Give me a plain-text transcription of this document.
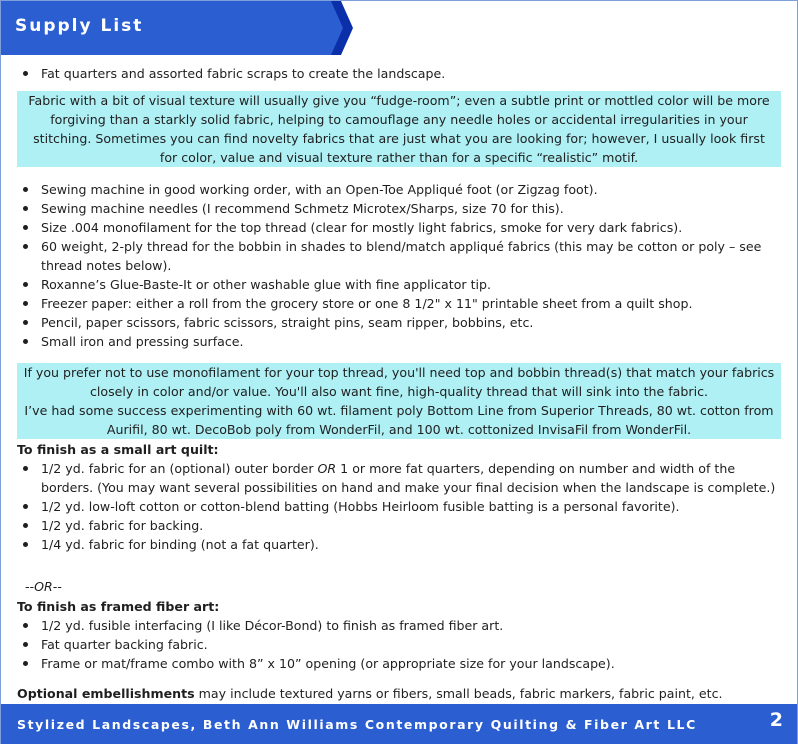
Supply List
Fat quarters and assorted fabric scraps to create the landscape.
Fabric with a bit of visual texture will usually give you “fudge-room”; even a subtle print or mottled color will be more forgiving than a starkly solid fabric, helping to camouflage any needle holes or accidental irregularities in your stitching. Sometimes you can find novelty fabrics that are just what you are looking for; however, I usually look first for color, value and visual texture rather than for a specific “realistic” motif.
Sewing machine in good working order, with an Open-Toe Appliqué foot (or Zigzag foot).
Sewing machine needles (I recommend Schmetz Microtex/Sharps, size 70 for this).
Size .004 monofilament for the top thread (clear for mostly light fabrics, smoke for very dark fabrics).
60 weight, 2-ply thread for the bobbin in shades to blend/match appliqué fabrics (this may be cotton or poly – see thread notes below).
Roxanne’s Glue-Baste-It or other washable glue with fine applicator tip.
Freezer paper: either a roll from the grocery store or one 8 1/2" x 11" printable sheet from a quilt shop.
Pencil, paper scissors, fabric scissors, straight pins, seam ripper, bobbins, etc.
Small iron and pressing surface.
If you prefer not to use monofilament for your top thread, you'll need top and bobbin thread(s) that match your fabrics closely in color and/or value. You'll also want fine, high-quality thread that will sink into the fabric.
I’ve had some success experimenting with 60 wt. filament poly Bottom Line from Superior Threads, 80 wt. cotton from Aurifil, 80 wt. DecoBob poly from WonderFil, and 100 wt. cottonized InvisaFil from WonderFil.
To finish as a small art quilt:
1/2 yd. fabric for an (optional) outer border OR 1 or more fat quarters, depending on number and width of the borders. (You may want several possibilities on hand and make your final decision when the landscape is complete.)
1/2 yd. low-loft cotton or cotton-blend batting (Hobbs Heirloom fusible batting is a personal favorite).
1/2 yd. fabric for backing.
1/4 yd. fabric for binding (not a fat quarter).
--OR--
To finish as framed fiber art:
1/2 yd. fusible interfacing (I like Décor-Bond) to finish as framed fiber art.
Fat quarter backing fabric.
Frame or mat/frame combo with 8” x 10” opening (or appropriate size for your landscape).
Optional embellishments may include textured yarns or fibers, small beads, fabric markers, fabric paint, etc.
Stylized Landscapes, Beth Ann Williams Contemporary Quilting & Fiber Art LLC	2
